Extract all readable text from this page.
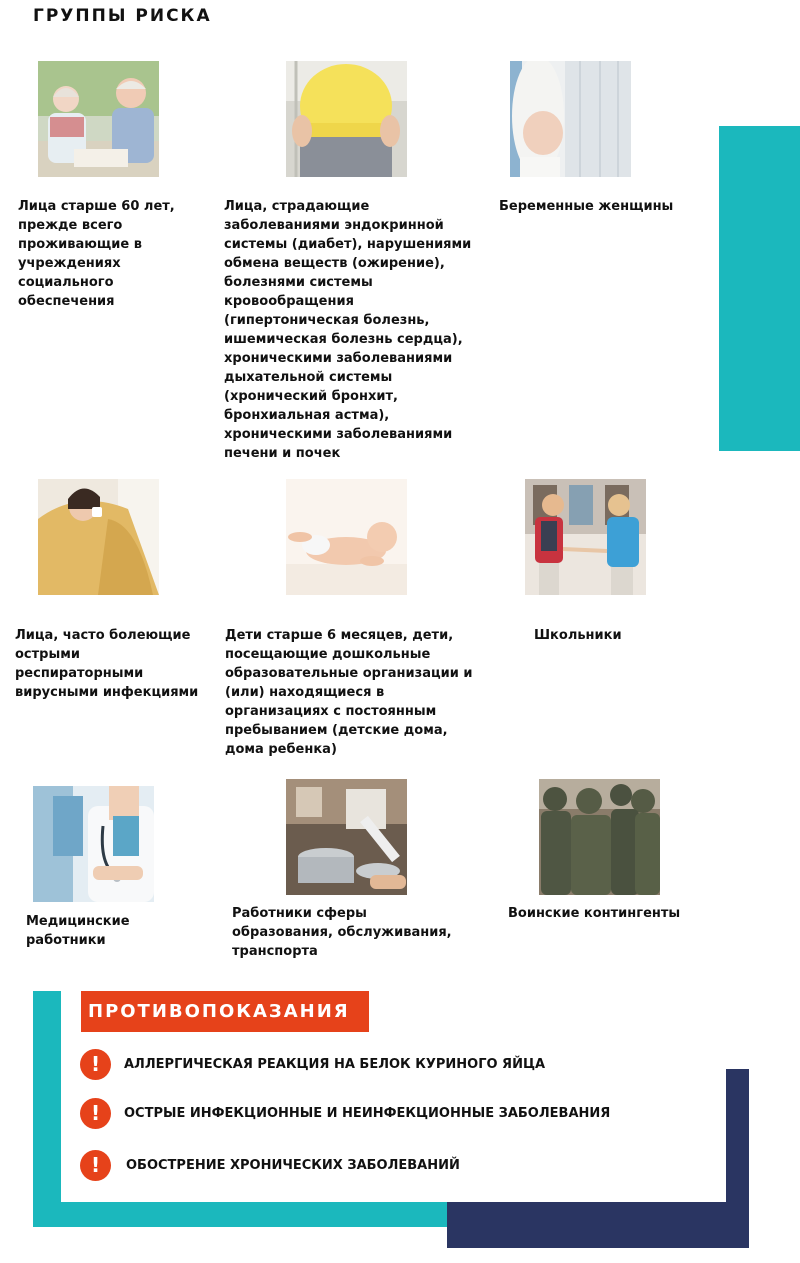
ГРУППЫ РИСКА
Лица старше 60 лет, прежде всего проживающие в учреждениях социального обеспечения
Лица, страдающие заболеваниями эндокринной системы (диабет), нарушениями обмена веществ (ожирение), болезнями системы кровообращения (гипертоническая болезнь, ишемическая болезнь сердца), хроническими заболеваниями дыхательной системы (хронический бронхит, бронхиальная астма), хроническими заболеваниями печени и почек
Беременные женщины
Лица, часто болеющие острыми респираторными вирусными инфекциями
Дети старше 6 месяцев, дети, посещающие дошкольные образовательные организации и (или) находящиеся в организациях с постоянным пребыванием (детские дома, дома ребенка)
Школьники
Медицинские работники
Работники сферы образования, обслуживания, транспорта
Воинские контингенты
ПРОТИВОПОКАЗАНИЯ
!	АЛЛЕРГИЧЕСКАЯ РЕАКЦИЯ НА БЕЛОК КУРИНОГО ЯЙЦА
!	ОСТРЫЕ ИНФЕКЦИОННЫЕ И НЕИНФЕКЦИОННЫЕ ЗАБОЛЕВАНИЯ
!	ОБОСТРЕНИЕ ХРОНИЧЕСКИХ ЗАБОЛЕВАНИЙ
